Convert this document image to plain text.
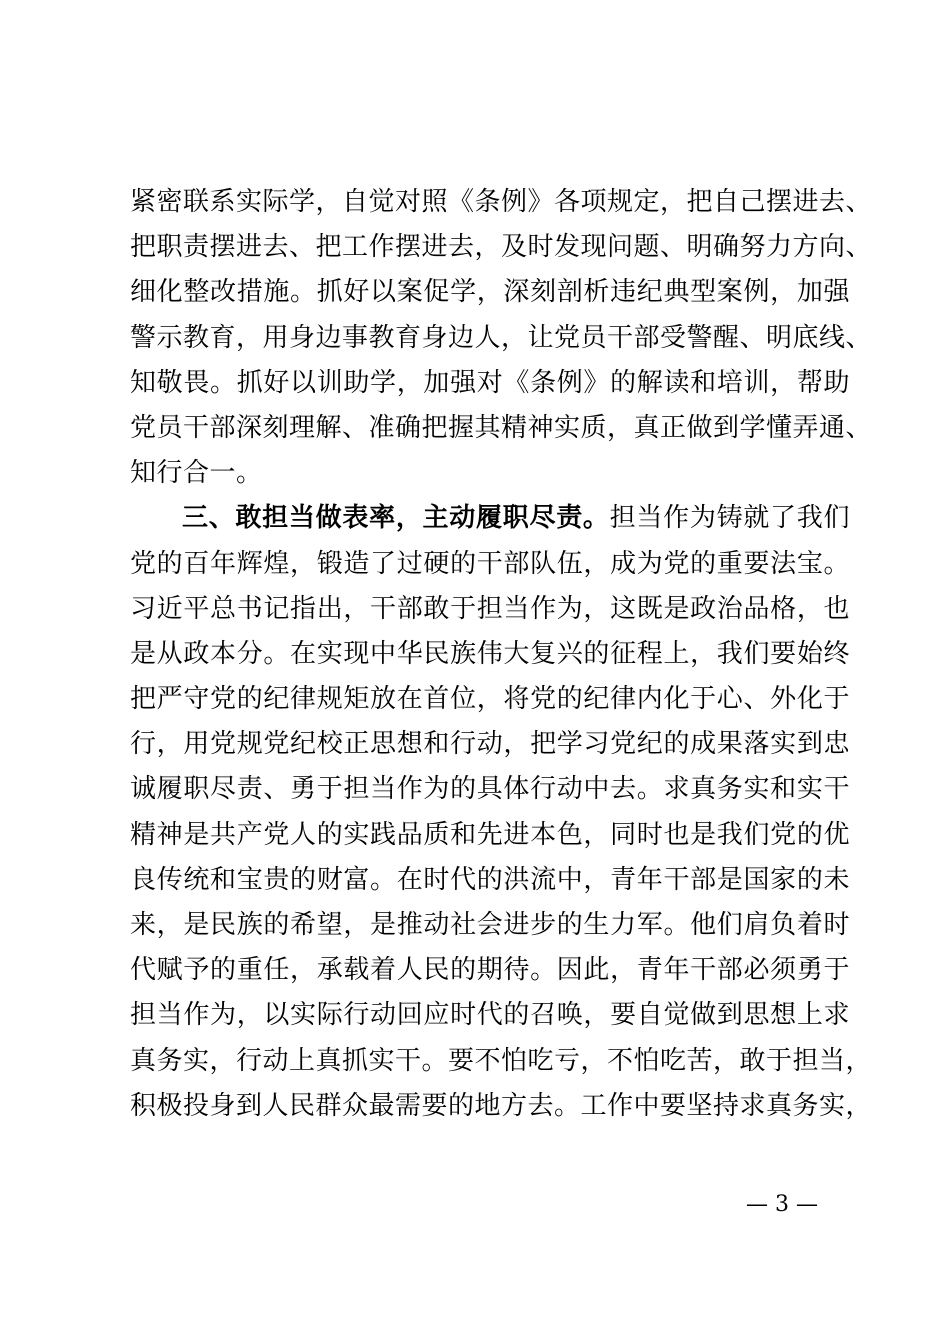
紧密联系实际学，自觉对照《条例》各项规定，把自己摆进去、
把职责摆进去、把工作摆进去，及时发现问题、明确努力方向、
细化整改措施。抓好以案促学，深刻剖析违纪典型案例，加强
警示教育，用身边事教育身边人，让党员干部受警醒、明底线、
知敬畏。抓好以训助学，加强对《条例》的解读和培训，帮助
党员干部深刻理解、准确把握其精神实质，真正做到学懂弄通、
知行合一。
三、敢担当做表率，主动履职尽责。担当作为铸就了我们
党的百年辉煌，锻造了过硬的干部队伍，成为党的重要法宝。
习近平总书记指出，干部敢于担当作为，这既是政治品格，也
是从政本分。在实现中华民族伟大复兴的征程上，我们要始终
把严守党的纪律规矩放在首位，将党的纪律内化于心、外化于
行，用党规党纪校正思想和行动，把学习党纪的成果落实到忠
诚履职尽责、勇于担当作为的具体行动中去。求真务实和实干
精神是共产党人的实践品质和先进本色，同时也是我们党的优
良传统和宝贵的财富。在时代的洪流中，青年干部是国家的未
来，是民族的希望，是推动社会进步的生力军。他们肩负着时
代赋予的重任，承载着人民的期待。因此，青年干部必须勇于
担当作为，以实际行动回应时代的召唤，要自觉做到思想上求
真务实，行动上真抓实干。要不怕吃亏，不怕吃苦，敢于担当，
积极投身到人民群众最需要的地方去。工作中要坚持求真务实，
— 3 —
